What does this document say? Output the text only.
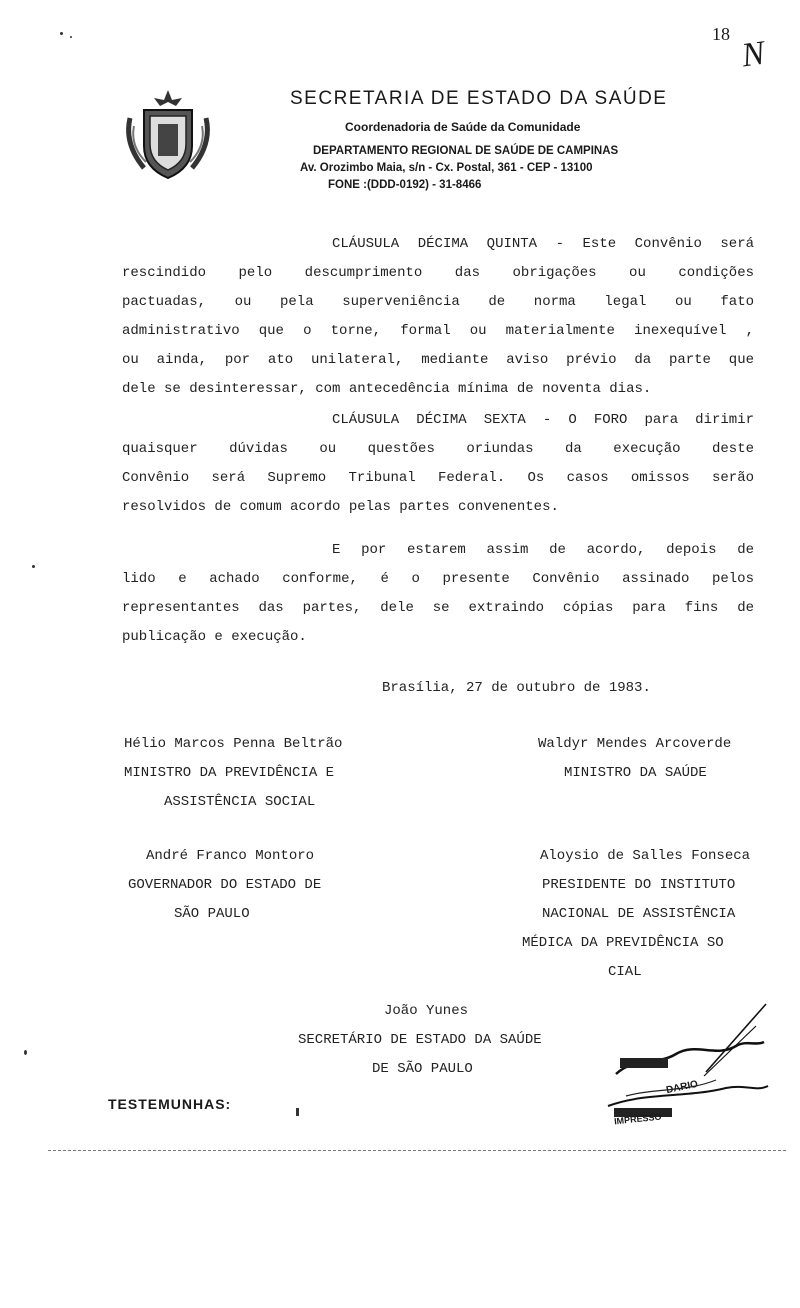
18
N
SECRETARIA DE ESTADO DA SAÚDE
Coordenadoria de Saúde da Comunidade
DEPARTAMENTO REGIONAL DE SAÚDE DE CAMPINAS
Av. Orozimbo Maia, s/n - Cx. Postal, 361 - CEP - 13100
FONE :(DDD-0192) - 31-8466
CLÁUSULA DÉCIMA QUINTA - Este Convênio será
rescindido pelo descumprimento das obrigações ou condições
pactuadas, ou pela superveniência de norma legal ou fato
administrativo que o torne, formal ou materialmente inexequível ,
ou ainda, por ato unilateral, mediante aviso prévio da parte que
dele se desinteressar, com antecedência mínima de noventa dias.
CLÁUSULA DÉCIMA SEXTA - O FORO para dirimir
quaisquer dúvidas ou questões oriundas da execução deste
Convênio será Supremo Tribunal Federal. Os casos omissos serão
resolvidos de comum acordo pelas partes convenentes.
E por estarem assim de acordo, depois de
lido e achado conforme, é o presente Convênio assinado pelos
representantes das partes, dele se extraindo cópias para fins de
publicação e execução.
Brasília, 27 de outubro de 1983.
Hélio Marcos Penna Beltrão
MINISTRO DA PREVIDÊNCIA E
ASSISTÊNCIA SOCIAL
Waldyr Mendes Arcoverde
MINISTRO DA SAÚDE
André Franco Montoro
GOVERNADOR DO ESTADO DE
SÃO PAULO
Aloysio de Salles Fonseca
PRESIDENTE DO INSTITUTO
NACIONAL DE ASSISTÊNCIA
MÉDICA DA PREVIDÊNCIA SO
CIAL
João Yunes
SECRETÁRIO DE ESTADO DA SAÚDE
DE SÃO PAULO
TESTEMUNHAS:
DARIO
IMPRESSO
